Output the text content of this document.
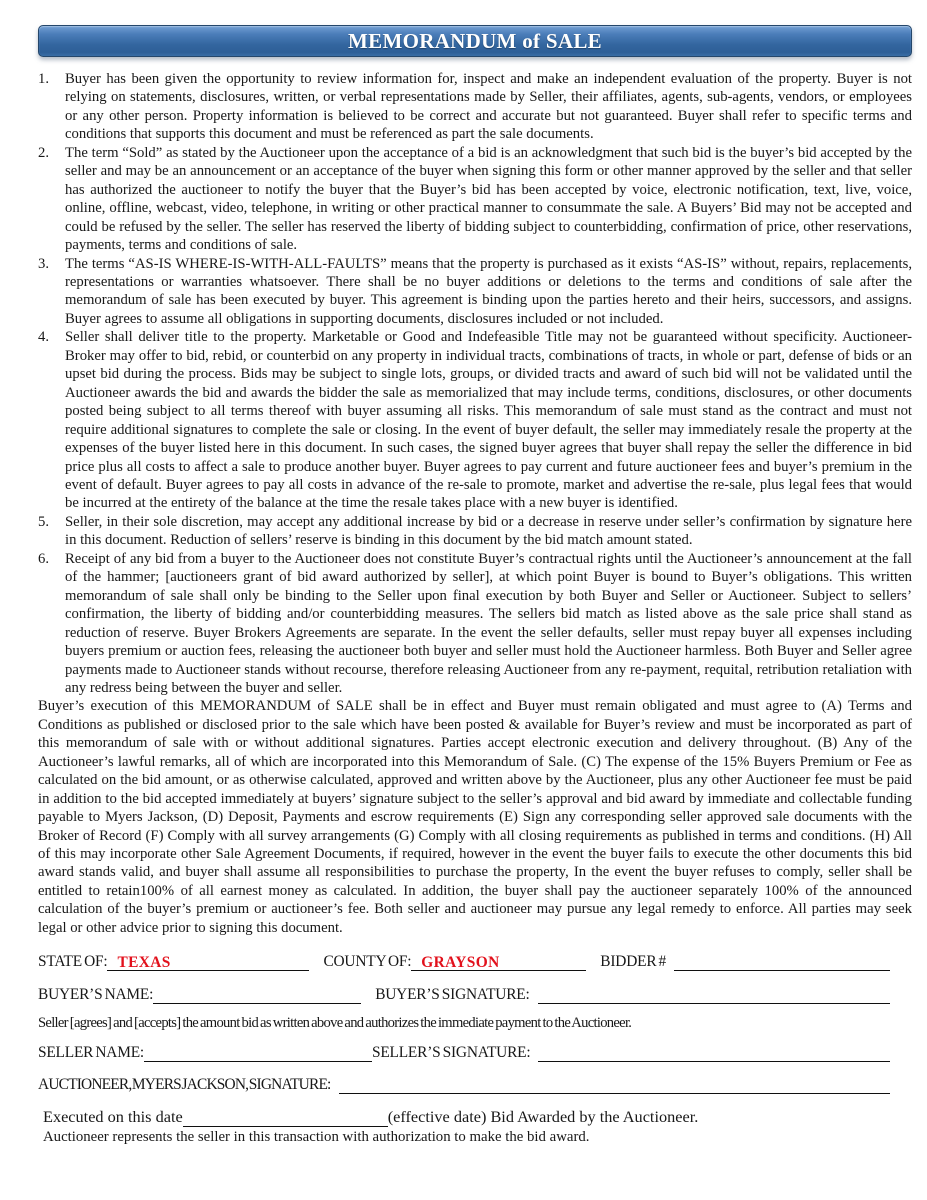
MEMORANDUM of SALE
1.	Buyer has been given the opportunity to review information for, inspect and make an independent evaluation of the property. Buyer is not relying on statements, disclosures, written, or verbal representations made by Seller, their affiliates, agents, sub-agents, vendors, or employees or any other person. Property information is believed to be correct and accurate but not guaranteed. Buyer shall refer to specific terms and conditions that supports this document and must be referenced as part the sale documents.

2.	The term “Sold” as stated by the Auctioneer upon the acceptance of a bid is an acknowledgment that such bid is the buyer’s bid accepted by the seller and may be an announcement or an acceptance of the buyer when signing this form or other manner approved by the seller and that seller has authorized the auctioneer to notify the buyer that the Buyer’s bid has been accepted by voice, electronic notification, text, live, voice, online, offline, webcast, video, telephone, in writing or other practical manner to consummate the sale. A Buyers’ Bid may not be accepted and could be refused by the seller. The seller has reserved the liberty of bidding subject to counterbidding, confirmation of price, other reservations, payments, terms and conditions of sale.

3.	The terms “AS-IS WHERE-IS-WITH-ALL-FAULTS” means that the property is purchased as it exists “AS-IS” without, repairs, replacements, representations or warranties whatsoever. There shall be no buyer additions or deletions to the terms and conditions of sale after the memorandum of sale has been executed by buyer. This agreement is binding upon the parties hereto and their heirs, successors, and assigns. Buyer agrees to assume all obligations in supporting documents, disclosures included or not included.

4.	Seller shall deliver title to the property. Marketable or Good and Indefeasible Title may not be guaranteed without specificity. Auctioneer-Broker may offer to bid, rebid, or counterbid on any property in individual tracts, combinations of tracts, in whole or part, defense of bids or an upset bid during the process. Bids may be subject to single lots, groups, or divided tracts and award of such bid will not be validated until the Auctioneer awards the bid and awards the bidder the sale as memorialized that may include terms, conditions, disclosures, or other documents posted being subject to all terms thereof with buyer assuming all risks. This memorandum of sale must stand as the contract and must not require additional signatures to complete the sale or closing. In the event of buyer default, the seller may immediately resale the property at the expenses of the buyer listed here in this document. In such cases, the signed buyer agrees that buyer shall repay the seller the difference in bid price plus all costs to affect a sale to produce another buyer. Buyer agrees to pay current and future auctioneer fees and buyer’s premium in the event of default. Buyer agrees to pay all costs in advance of the re-sale to promote, market and advertise the re-sale, plus legal fees that would be incurred at the entirety of the balance at the time the resale takes place with a new buyer is identified.

5.	Seller, in their sole discretion, may accept any additional increase by bid or a decrease in reserve under seller’s confirmation by signature here in this document. Reduction of sellers’ reserve is binding in this document by the bid match amount stated.

6.	Receipt of any bid from a buyer to the Auctioneer does not constitute Buyer’s contractual rights until the Auctioneer’s announcement at the fall of the hammer; [auctioneers grant of bid award authorized by seller], at which point Buyer is bound to Buyer’s obligations. This written memorandum of sale shall only be binding to the Seller upon final execution by both Buyer and Seller or Auctioneer. Subject to sellers’ confirmation, the liberty of bidding and/or counterbidding measures. The sellers bid match as listed above as the sale price shall stand as reduction of reserve. Buyer Brokers Agreements are separate. In the event the seller defaults, seller must repay buyer all expenses including buyers premium or auction fees, releasing the auctioneer both buyer and seller must hold the Auctioneer harmless. Both Buyer and Seller agree payments made to Auctioneer stands without recourse, therefore releasing Auctioneer from any re-payment, requital, retribution retaliation with any redress being between the buyer and seller.

Buyer’s execution of this MEMORANDUM of SALE shall be in effect and Buyer must remain obligated and must agree to (A) Terms and Conditions as published or disclosed prior to the sale which have been posted & available for Buyer’s review and must be incorporated as part of this memorandum of sale with or without additional signatures. Parties accept electronic execution and delivery throughout. (B) Any of the Auctioneer’s lawful remarks, all of which are incorporated into this Memorandum of Sale. (C) The expense of the 15% Buyers Premium or Fee as calculated on the bid amount, or as otherwise calculated, approved and written above by the Auctioneer, plus any other Auctioneer fee must be paid in addition to the bid accepted immediately at buyers’ signature subject to the seller’s approval and bid award by immediate and collectable funding payable to Myers Jackson, (D) Deposit, Payments and escrow requirements (E) Sign any corresponding seller approved sale documents with the Broker of Record (F) Comply with all survey arrangements (G) Comply with all closing requirements as published in terms and conditions. (H) All of this may incorporate other Sale Agreement Documents, if required, however in the event the buyer fails to execute the other documents this bid award stands valid, and buyer shall assume all responsibilities to purchase the property, In the event the buyer refuses to comply, seller shall be entitled to retain100% of all earnest money as calculated. In addition, the buyer shall pay the auctioneer separately 100% of the announced calculation of the buyer’s premium or auctioneer’s fee. Both seller and auctioneer may pursue any legal remedy to enforce. All parties may seek legal or other advice prior to signing this document.

STATE OF: TEXAS	COUNTY OF: GRAYSON	BIDDER #
BUYER’S NAME:	BUYER’S SIGNATURE:
Seller [agrees] and [accepts] the amount bid as written above and authorizes the immediate payment to the Auctioneer.
SELLER NAME:	SELLER’S SIGNATURE:
AUCTIONEER, MYERS JACKSON, SIGNATURE:
Executed on this date	(effective date) Bid Awarded by the Auctioneer.
Auctioneer represents the seller in this transaction with authorization to make the bid award.
